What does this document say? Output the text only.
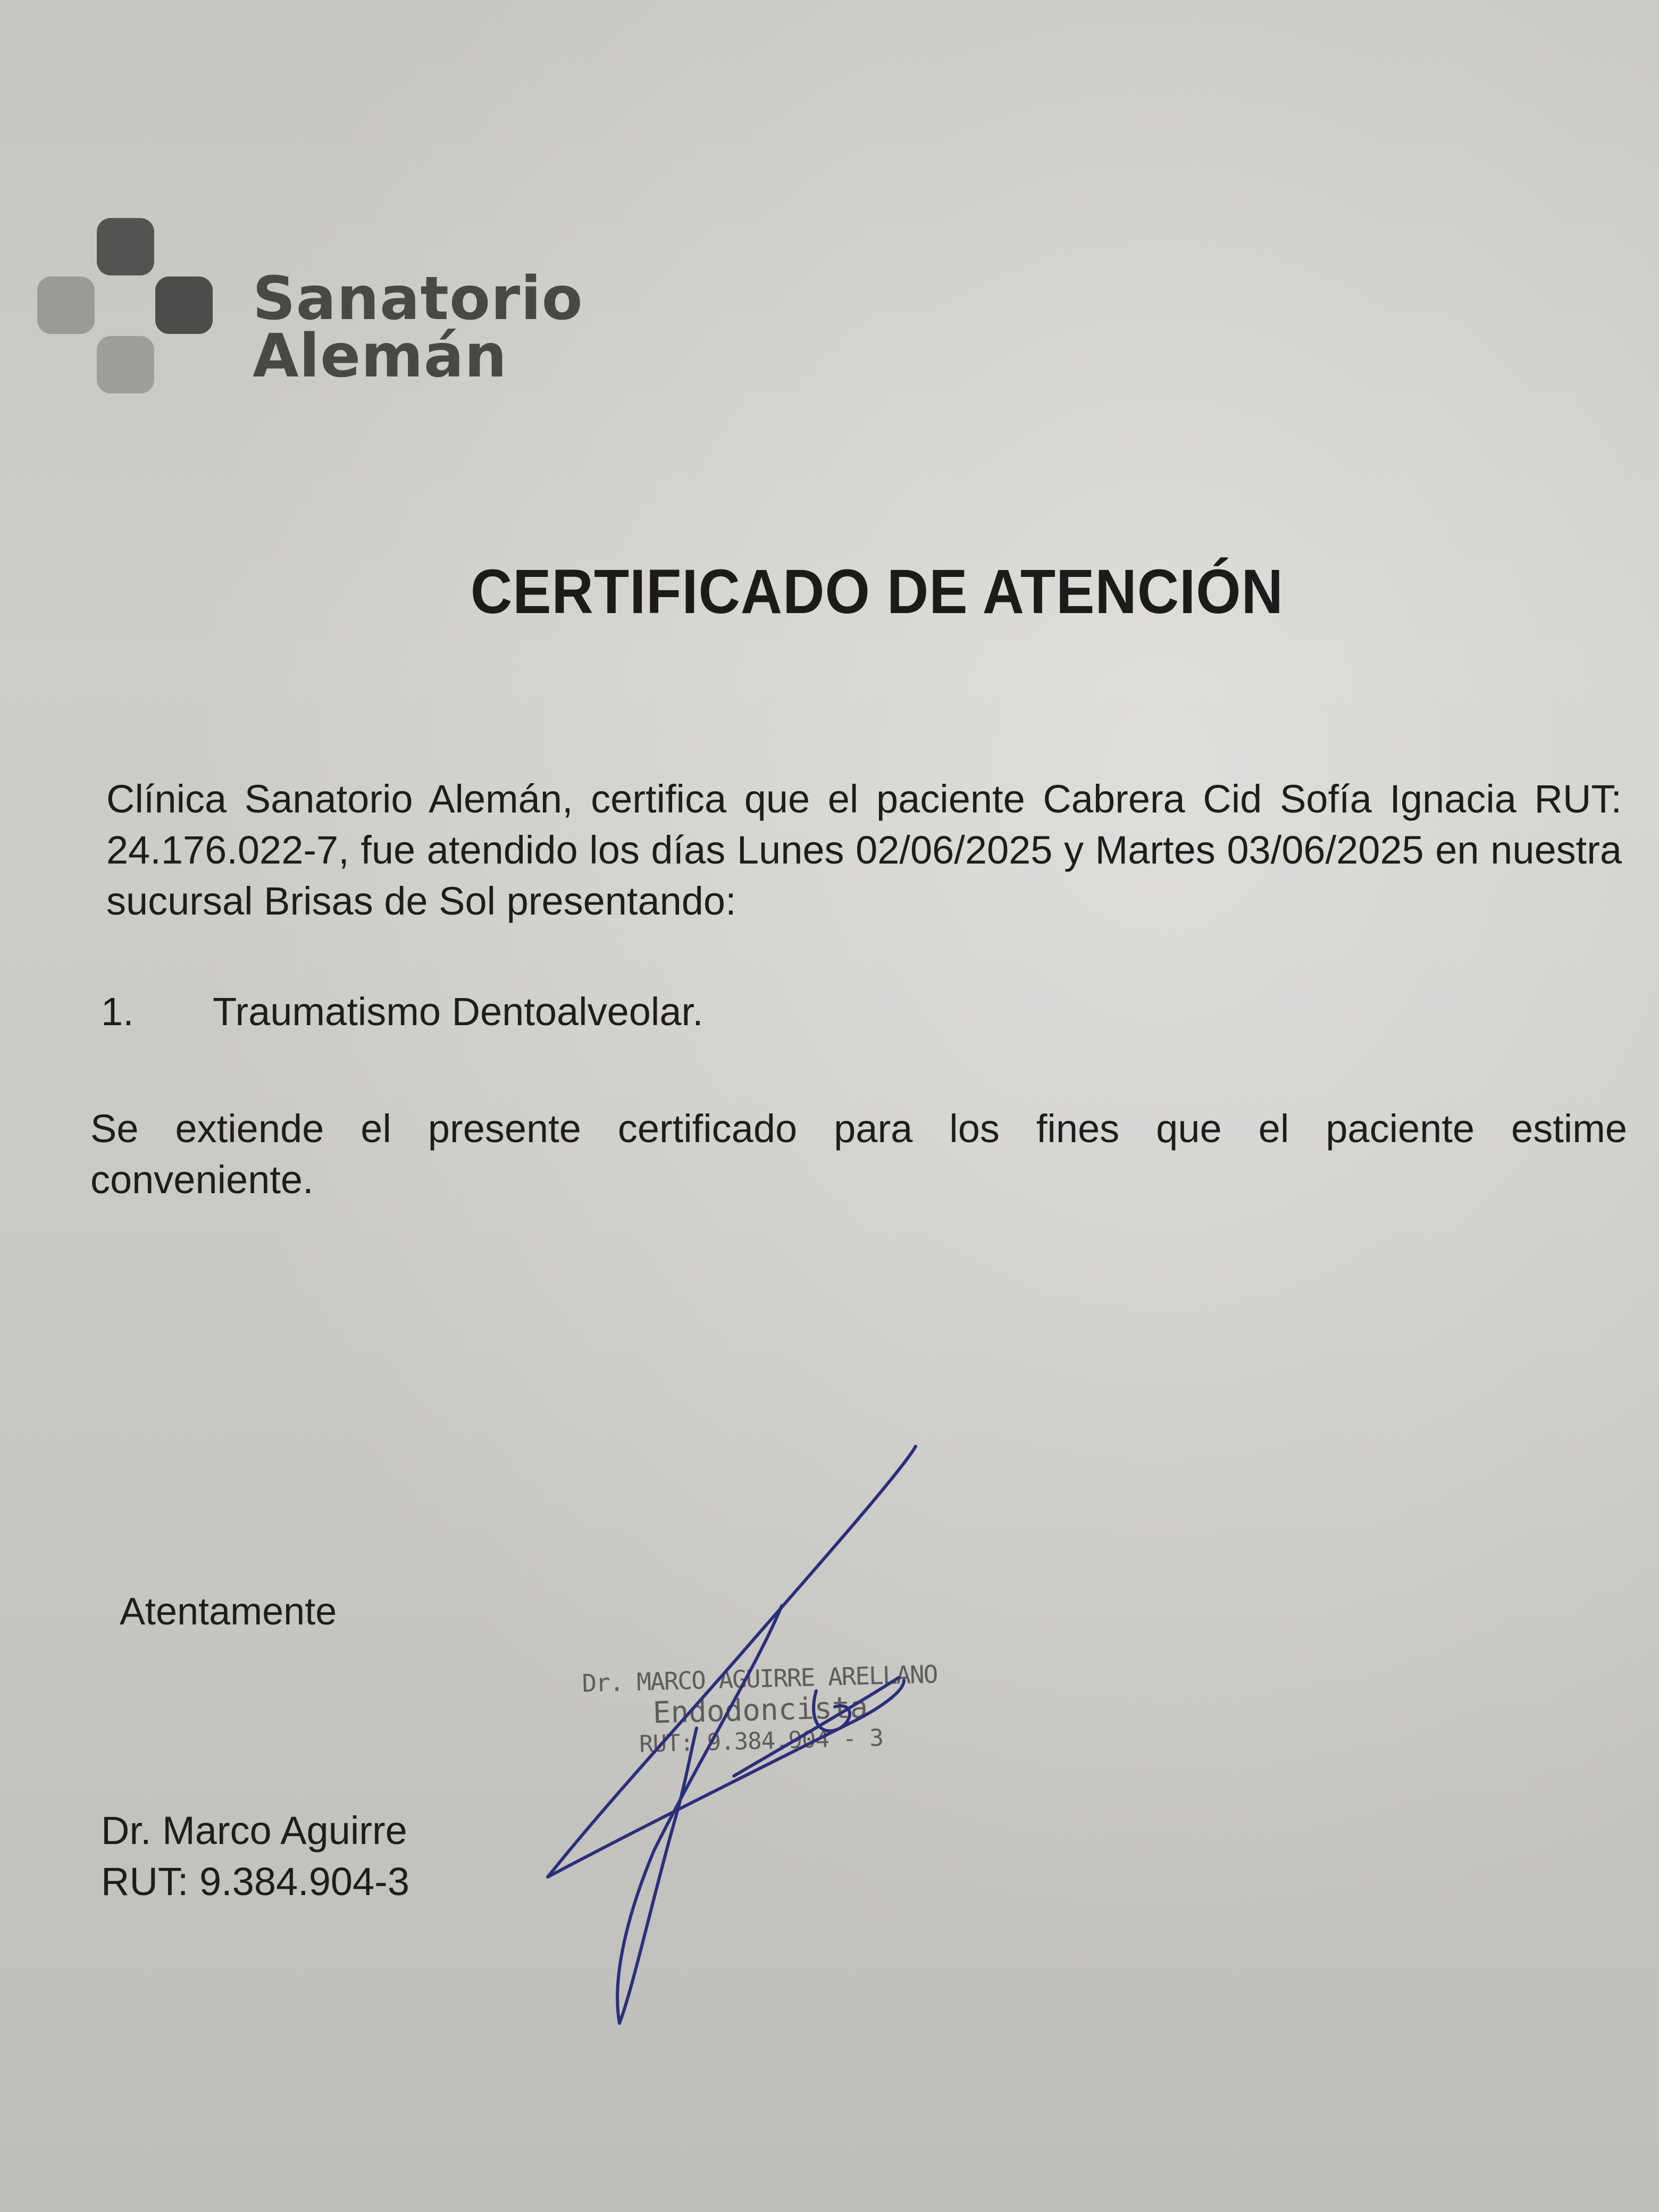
Sanatorio
Alemán
CERTIFICADO DE ATENCIÓN
Clínica Sanatorio Alemán, certifica que el paciente Cabrera Cid Sofía Ignacia RUT: 24.176.022-7, fue atendido los días Lunes 02/06/2025 y Martes 03/06/2025 en nuestra sucursal Brisas de Sol presentando:
1. Traumatismo Dentoalveolar.
Se extiende el presente certificado para los fines que el paciente estime conveniente.
Atentamente
Dr. Marco Aguirre
RUT: 9.384.904-3
Dr. MARCO AGUIRRE ARELLANO
Endodoncista
RUT: 9.384.904 - 3
